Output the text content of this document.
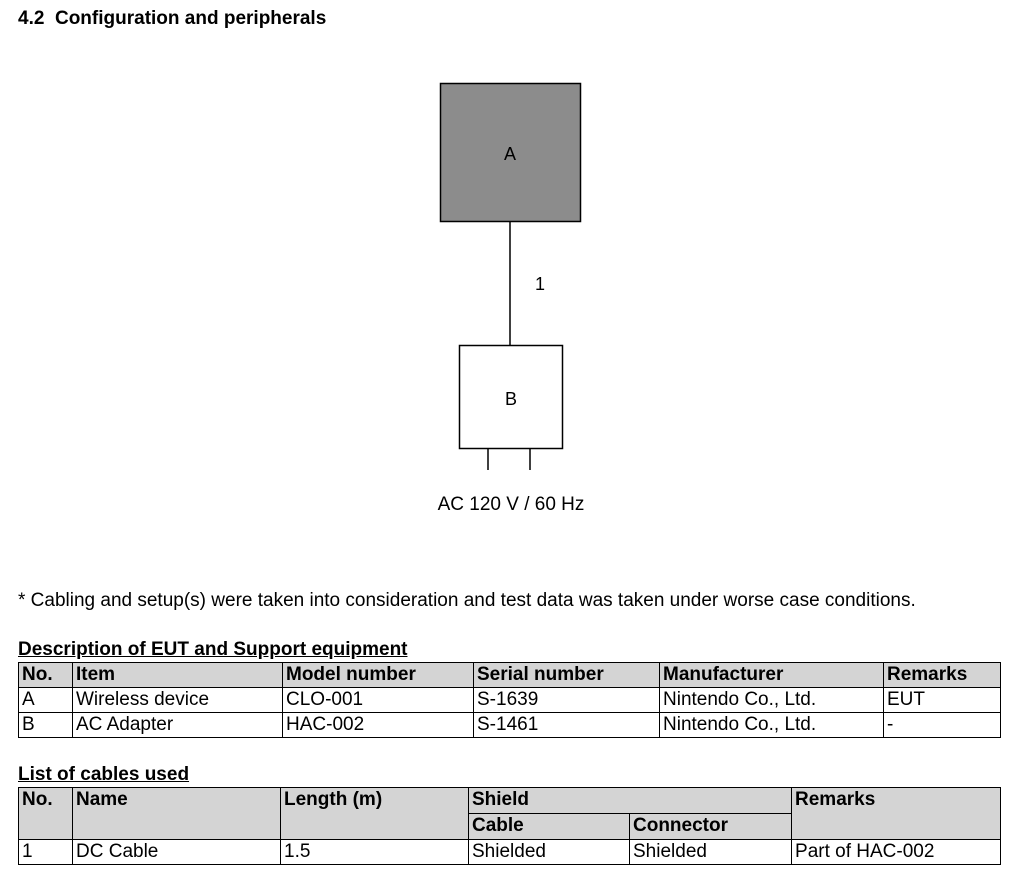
4.2 Configuration and peripherals
A
1
B
AC 120 V / 60 Hz

* Cabling and setup(s) were taken into consideration and test data was taken under worse case conditions.

Description of EUT and Support equipment

No.	Item	Model number	Serial number	Manufacturer	Remarks
A	Wireless device	CLO-001	S-1639	Nintendo Co., Ltd.	EUT
B	AC Adapter	HAC-002	S-1461	Nintendo Co., Ltd.	-

List of cables used

No.	Name	Length (m)	Shield		Remarks
			Cable	Connector	
1	DC Cable	1.5	Shielded	Shielded	Part of HAC-002
